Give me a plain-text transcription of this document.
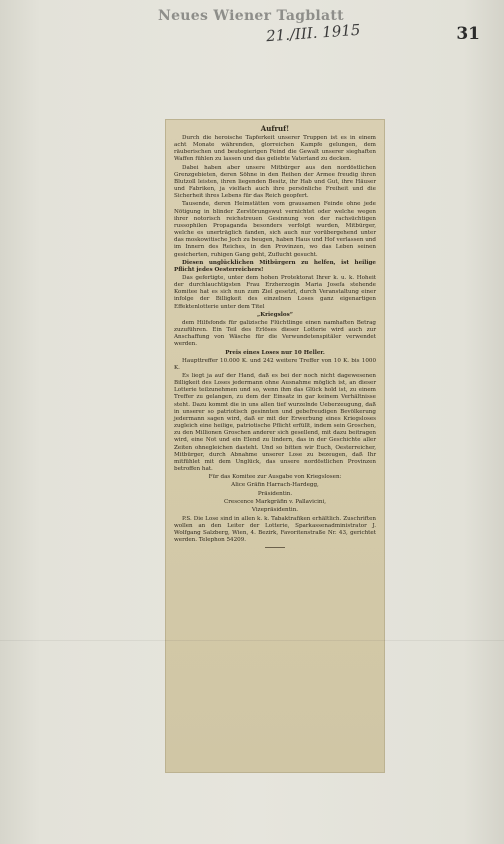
Neues Wiener Tagblatt
21./III. 1915	31

Aufruf!

Durch die heroische Tapferkeit unserer Truppen ist es in einem acht Monate währenden, glorreichen Kampfe gelungen, dem räuberischen und beutegierigen Feind die Gewalt unserer sieghaften Waffen fühlen zu lassen und das geliebte Vaterland zu decken.

Dabei haben aber unsere Mitbürger aus den nordöstlichen Grenzgebieten, deren Söhne in den Reihen der Armee freudig ihren Blutzoll leisten, ihren liegenden Besitz, ihr Hab und Gut, ihre Häuser und Fabriken, ja vielfach auch ihre persönliche Freiheit und die Sicherheit ihres Lebens für das Reich geopfert.

Tausende, deren Heimstätten vom grausamen Feinde ohne jede Nötigung in blinder Zerstörungswut vernichtet oder welche wegen ihrer notorisch reichstreuen Gesinnung von der rachsüchtigen russophilen Propaganda besonders verfolgt wurden, Mitbürger, welche es unerträglich fanden, sich auch nur vorübergehend unter das moskowitische Joch zu beugen, haben Haus und Hof verlassen und im Innern des Reiches, in den Provinzen, wo das Leben seinen gesicherten, ruhigen Gang geht, Zuflucht gesucht.

Diesen unglücklichen Mitbürgern zu helfen, ist heilige Pflicht jedes Oesterreichers!

Das gefertigte, unter dem hohen Protektorat Ihrer k. u. k. Hoheit der durchlauchtigsten Frau Erzherzogin Maria Josefa stehende Komitee hat es sich nun zum Ziel gesetzt, durch Veranstaltung einer infolge der Billigkeit des einzelnen Loses ganz eigenartigen Effektenlotterie unter dem Titel

„Kriegslos“

dem Hilfsfonds für galizische Flüchtlinge einen namhaften Betrag zuzuführen. Ein Teil des Erlöses dieser Lotterie wird auch zur Anschaffung von Wäsche für die Verwundetenspitäler verwendet werden.

Preis eines Loses nur 10 Heller.

Haupttreffer 10.000 K. und 242 weitere Treffer von 10 K. bis 1000 K.

Es liegt ja auf der Hand, daß es bei der noch nicht dagewesenen Billigkeit des Loses jedermann ohne Ausnahme möglich ist, an dieser Lotterie teilzunehmen und so, wenn ihm das Glück hold ist, zu einem Treffer zu gelangen, zu dem der Einsatz in gar keinem Verhältnisse steht. Dazu kommt die in uns allen tief wurzelnde Ueberzeugung, daß in unserer so patriotisch gesinnten und gebefreudigen Bevölkerung jedermann sagen wird, daß er mit der Erwerbung eines Kriegsloses zugleich eine heilige, patriotische Pflicht erfüllt, indem sein Groschen, zu den Millionen Groschen anderer sich gesellend, mit dazu beitragen wird, eine Not und ein Elend zu lindern, das in der Geschichte aller Zeiten ohnegleichen dasteht. Und so bitten wir Euch, Oesterreicher, Mitbürger, durch Abnahme unserer Lose zu bezeugen, daß Ihr mitfühlet mit dem Unglück, das unsere nordöstlichen Provinzen betroffen hat.

Für das Komitee zur Ausgabe von Kriegslosen:

Alice Gräfin Harrach-Hardegg,

Präsidentin.

Crescence Markgräfin v. Pallavicini,

Vizepräsidentin.

P.S. Die Lose sind in allen k. k. Tabaktrafiken erhältlich. Zuschriften wollen an den Leiter der Lotterie, Sparkassenadministrator J. Wolfgang Salzberg, Wien, 4. Bezirk, Favoritenstraße Nr. 43, gerichtet werden. Telephon 54209.
